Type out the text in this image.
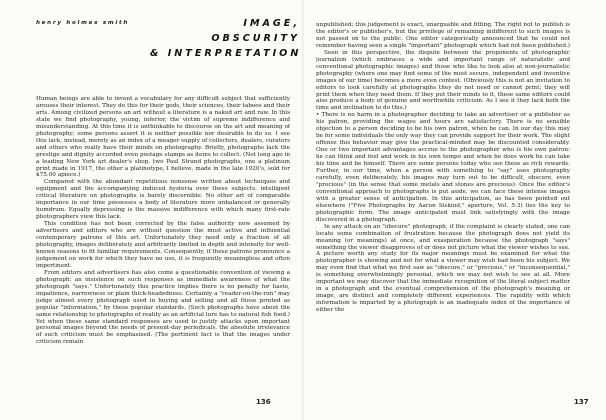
henry holmes smith	IMAGE,
OBSCURITY
& INTERPRETATION

Human beings are able to invent a vocabulary for any difficult subject that sufficiently arouses their interest. They do this for their gods, their sciences, their taboos and their arts. Among civilized persons an art without a literature is a naked art and raw. In this state we find photography, young, inferior, the victim of supreme indifference and misunderstanding. At this time it is unthinkable to discourse on the art and meaning of photography; some persons assert it is neither possible nor desirable to do so. I see this lack, instead, merely as an index of a meager supply of collectors, dealers, curators and others who really have their minds on photography. Briefly, photographs lack the prestige and dignity accorded even postage stamps as items to collect. (Not long ago in a leading New York art dealer's shop, two Paul Strand photographs, one a platinum print made in 1917, the other a platinotype, I believe, made in the late 1920's, sold for $75.00 apiece.)

Compared with the abundant repetitious nonsense written about techniques and equipment and the accompanying induced hysteria over these subjects, intelligent critical literature on photographs is barely discernible. No other art of comparable importance in our time possesses a body of literature more unbalanced or generally humdrum. Equally depressing is the massive indifference with which many first-rate photographers view this lack.

This condition has not been corrected by the false authority now assumed by advertisers and editors who are without question the most active and influential contemporary patrons of this art. Unfortunately they need only a fraction of all photography, images deliberately and arbitrarily limited in depth and intensity for well-known reasons to fit familiar requirements. Consequently, if these patrons pronounce a judgement on work for which they have no use, it is frequently meaningless and often impertinent.

From editors and advertisers has also come a questionable convention of viewing a photograph: an insistence on such responses as immediate awareness of what the photograph "says." Unfortunately this practice implies there is no penalty for haste, impatience, narrowness or plain thick-headedness. Certainly a "reader-on-the-run" may judge almost every photograph used in buying and selling and all those printed as popular "information," by these popular standards. (Such photographs have about the same relationship to photographs of reality as an artificial lure has to natural fish food.) Yet when these same standard responses are used to justify attacks upon important personal images beyond the needs of present-day periodicals, the absolute irrelevance of such criticism must be emphasized. (The pertinent fact is that the images under criticism remain

136

unpublished; this judgement is exact, unarguable and fitting. The right not to publish is the editor's or publisher's, but the privilege of remaining indifferent to such images is not passed on to the public. One editor categorically announced that he could not remember having seen a single "important" photograph which had not been published.)

Seen in this perspective, the dispute between the proponents of photographic journalism (which embraces a wide and important range of naturalistic and conventional photographic images) and those who like to look also at non-journalistic photography (where one may find some of the most secure, independent and inventive images of our time) becomes a more even contest. (Obviously this is not an invitation to editors to look carefully at photographs they do not need or cannot print; they will print them when they need them. If they put their minds to it, these same editors could also produce a body of genuine and worthwhile criticism. As I see it they lack both the time and inclination to do this.)

• There is no harm in a photographer deciding to take an advertiser or a publisher as his patron, providing the wages and hours are satisfactory. There is no sensible objection to a person deciding to be his own patron, when he can. In our day this may be for some individuals the only way they can provide support for their work. The slight offense this behavior may give the practical-minded may be discounted considerably. One or two important advantages accrue to the photographer who is his own patron: he can think and feel and work in his own tempo and when he does work he can take his time and be himself. There are some persons today who see these as rich rewards. Further, in our time, when a person with something to "say" uses photography carefully, even deliberately, his images may turn out to be difficult, obscure, even "precious" (in the sense that some metals and stones are precious). Once the editor's conventional approach to photographs is put aside, we can face these intense images with a greater sense of anticipation. In this anticipation, as has been pointed out elsewhere ("Five Photographs by Aaron Siskind," aperture, Vol. 5:3) lies the key to photographic form. The image anticipated must link satisfyingly with the image discovered in a photograph.

In any attack on an "obscure" photograph, if the complaint is clearly stated, one can locate some combination of frustration because the photograph does not yield its meaning (or meanings) at once, and exasperation because the photograph "says" something the viewer disapproves of or does not picture what the viewer wishes to see. A picture worth any study for its major meanings must be examined for what the photographer is showing and not for what a viewer may wish had been his subject. We may even find that what we first saw as "obscure," or "precious," or "inconsequential," is something overwhelmingly personal, which we may not wish to see at all. More important we may discover that the immediate recognition of the literal subject matter in a photograph and the eventual comprehension of the photograph's meaning or image, are distinct and completely different experiences. The rapidity with which information is imparted by a photograph is an inadequate index of the importance of either the

137
